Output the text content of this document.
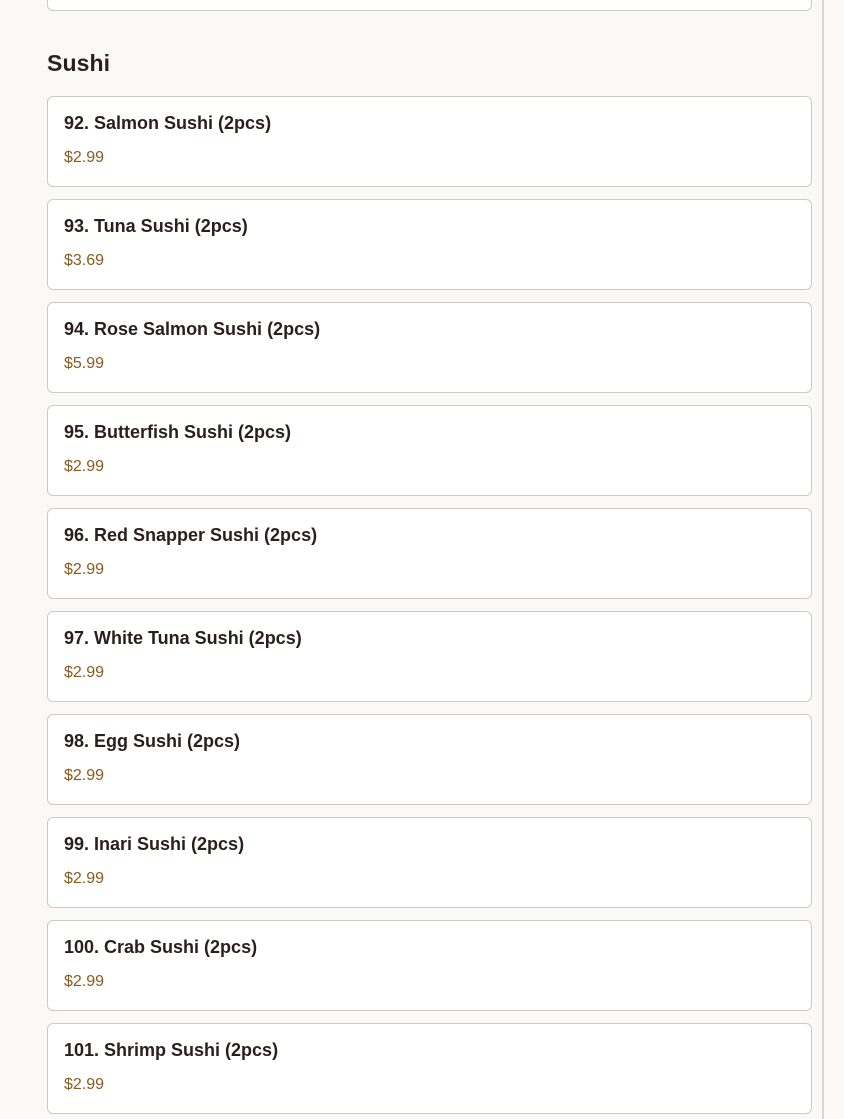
Sushi
92. Salmon Sushi (2pcs)
$2.99
93. Tuna Sushi (2pcs)
$3.69
94. Rose Salmon Sushi (2pcs)
$5.99
95. Butterfish Sushi (2pcs)
$2.99
96. Red Snapper Sushi (2pcs)
$2.99
97. White Tuna Sushi (2pcs)
$2.99
98. Egg Sushi (2pcs)
$2.99
99. Inari Sushi (2pcs)
$2.99
100. Crab Sushi (2pcs)
$2.99
101. Shrimp Sushi (2pcs)
$2.99
